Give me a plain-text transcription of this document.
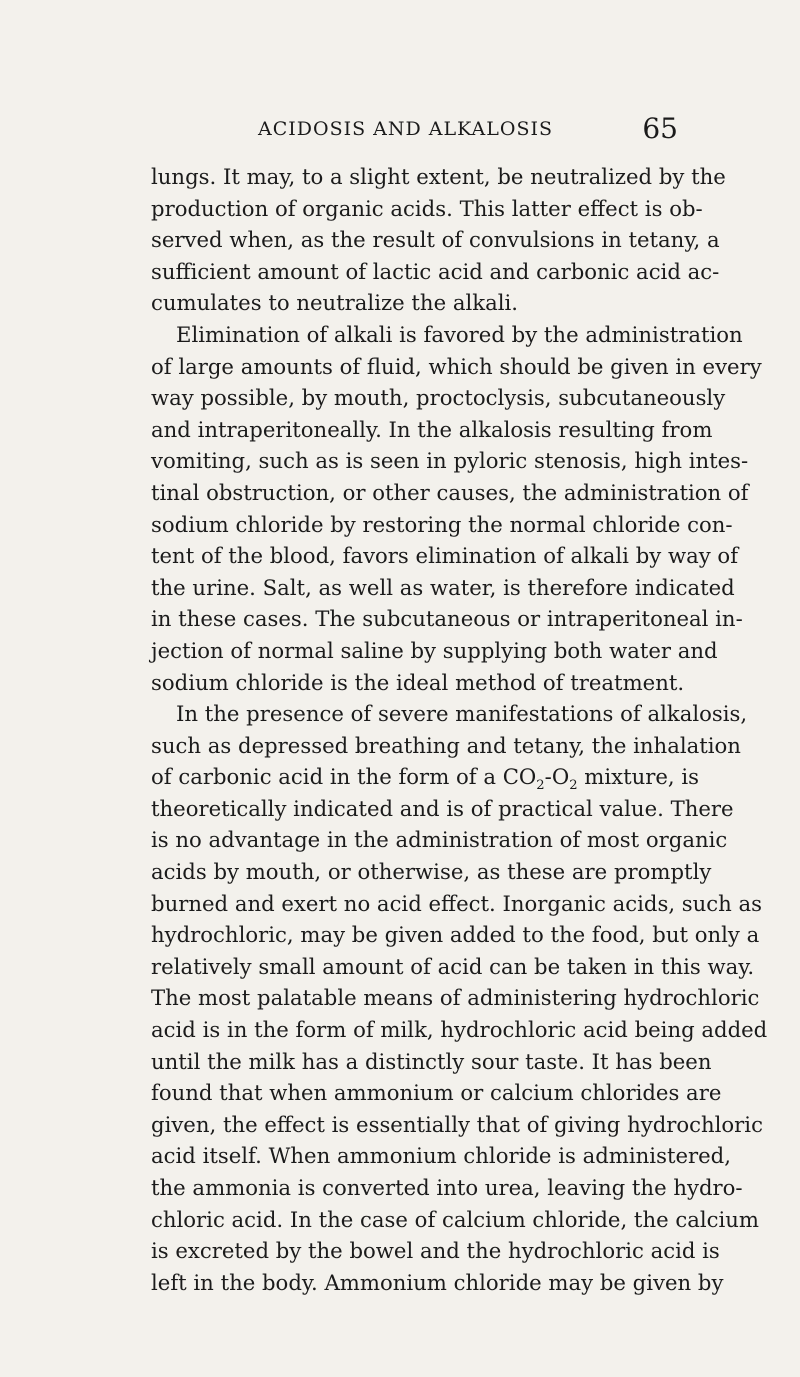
ACIDOSIS AND ALKALOSIS	65
lungs. It may, to a slight extent, be neutralized by the
production of organic acids. This latter effect is ob-
served when, as the result of convulsions in tetany, a
sufficient amount of lactic acid and carbonic acid ac-
cumulates to neutralize the alkali.
Elimination of alkali is favored by the administration
of large amounts of fluid, which should be given in every
way possible, by mouth, proctoclysis, subcutaneously
and intraperitoneally. In the alkalosis resulting from
vomiting, such as is seen in pyloric stenosis, high intes-
tinal obstruction, or other causes, the administration of
sodium chloride by restoring the normal chloride con-
tent of the blood, favors elimination of alkali by way of
the urine. Salt, as well as water, is therefore indicated
in these cases. The subcutaneous or intraperitoneal in-
jection of normal saline by supplying both water and
sodium chloride is the ideal method of treatment.
In the presence of severe manifestations of alkalosis,
such as depressed breathing and tetany, the inhalation
of carbonic acid in the form of a $CO_2-O_2$ mixture, is
theoretically indicated and is of practical value. There
is no advantage in the administration of most organic
acids by mouth, or otherwise, as these are promptly
burned and exert no acid effect. Inorganic acids, such as
hydrochloric, may be given added to the food, but only a
relatively small amount of acid can be taken in this way.
The most palatable means of administering hydrochloric
acid is in the form of milk, hydrochloric acid being added
until the milk has a distinctly sour taste. It has been
found that when ammonium or calcium chlorides are
given, the effect is essentially that of giving hydrochloric
acid itself. When ammonium chloride is administered,
the ammonia is converted into urea, leaving the hydro-
chloric acid. In the case of calcium chloride, the calcium
is excreted by the bowel and the hydrochloric acid is
left in the body. Ammonium chloride may be given by
